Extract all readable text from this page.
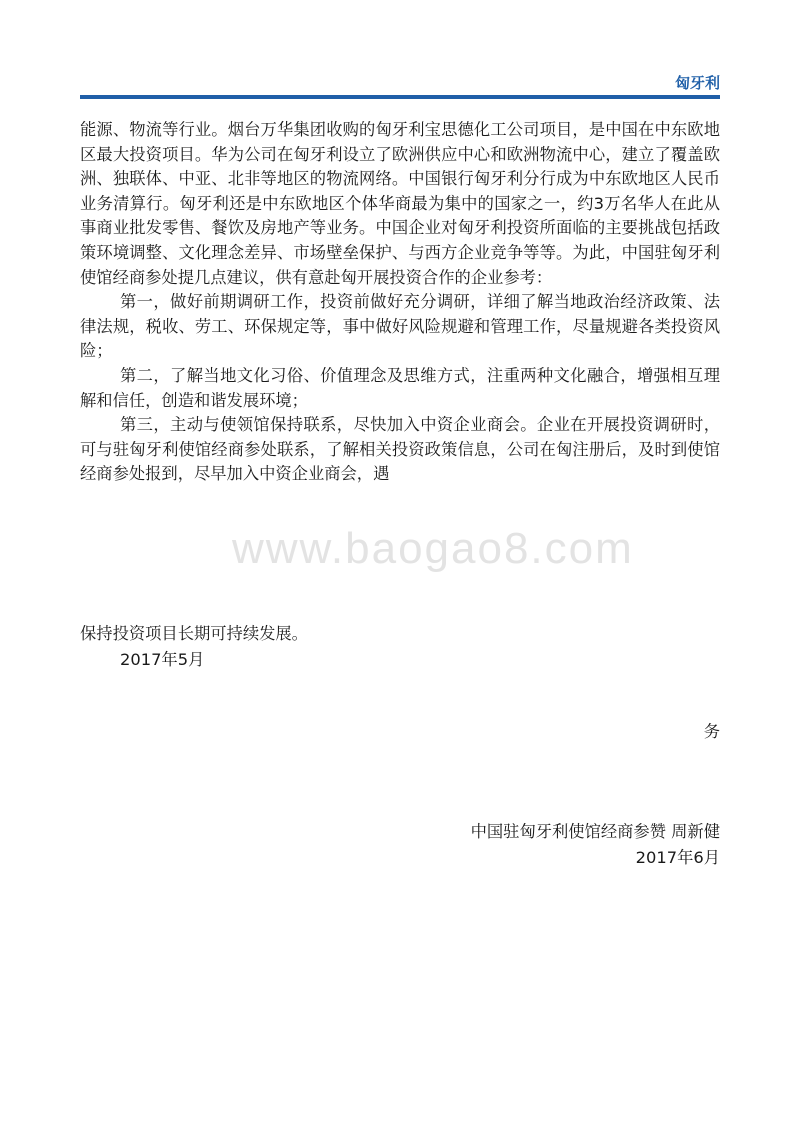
匈牙利

能源、物流等行业。烟台万华集团收购的匈牙利宝思德化工公司项目，是中国在中东欧地区最大投资项目。华为公司在匈牙利设立了欧洲供应中心和欧洲物流中心，建立了覆盖欧洲、独联体、中亚、北非等地区的物流网络。中国银行匈牙利分行成为中东欧地区人民币业务清算行。匈牙利还是中东欧地区个体华商最为集中的国家之一，约3万名华人在此从事商业批发零售、餐饮及房地产等业务。中国企业对匈牙利投资所面临的主要挑战包括政策环境调整、文化理念差异、市场壁垒保护、与西方企业竞争等等。为此，中国驻匈牙利使馆经商参处提几点建议，供有意赴匈开展投资合作的企业参考：

第一，做好前期调研工作，投资前做好充分调研，详细了解当地政治经济政策、法律法规，税收、劳工、环保规定等，事中做好风险规避和管理工作，尽量规避各类投资风险；

第二，了解当地文化习俗、价值理念及思维方式，注重两种文化融合，增强相互理解和信任，创造和谐发展环境；

第三，主动与使领馆保持联系，尽快加入中资企业商会。企业在开展投资调研时，可与驻匈牙利使馆经商参处联系，了解相关投资政策信息，公司在匈注册后，及时到使馆经商参处报到，尽早加入中资企业商会，遇

www.baogao8.com

保持投资项目长期可持续发展。

2017年5月

务

中国驻匈牙利使馆经商参赞 周新健

2017年6月
